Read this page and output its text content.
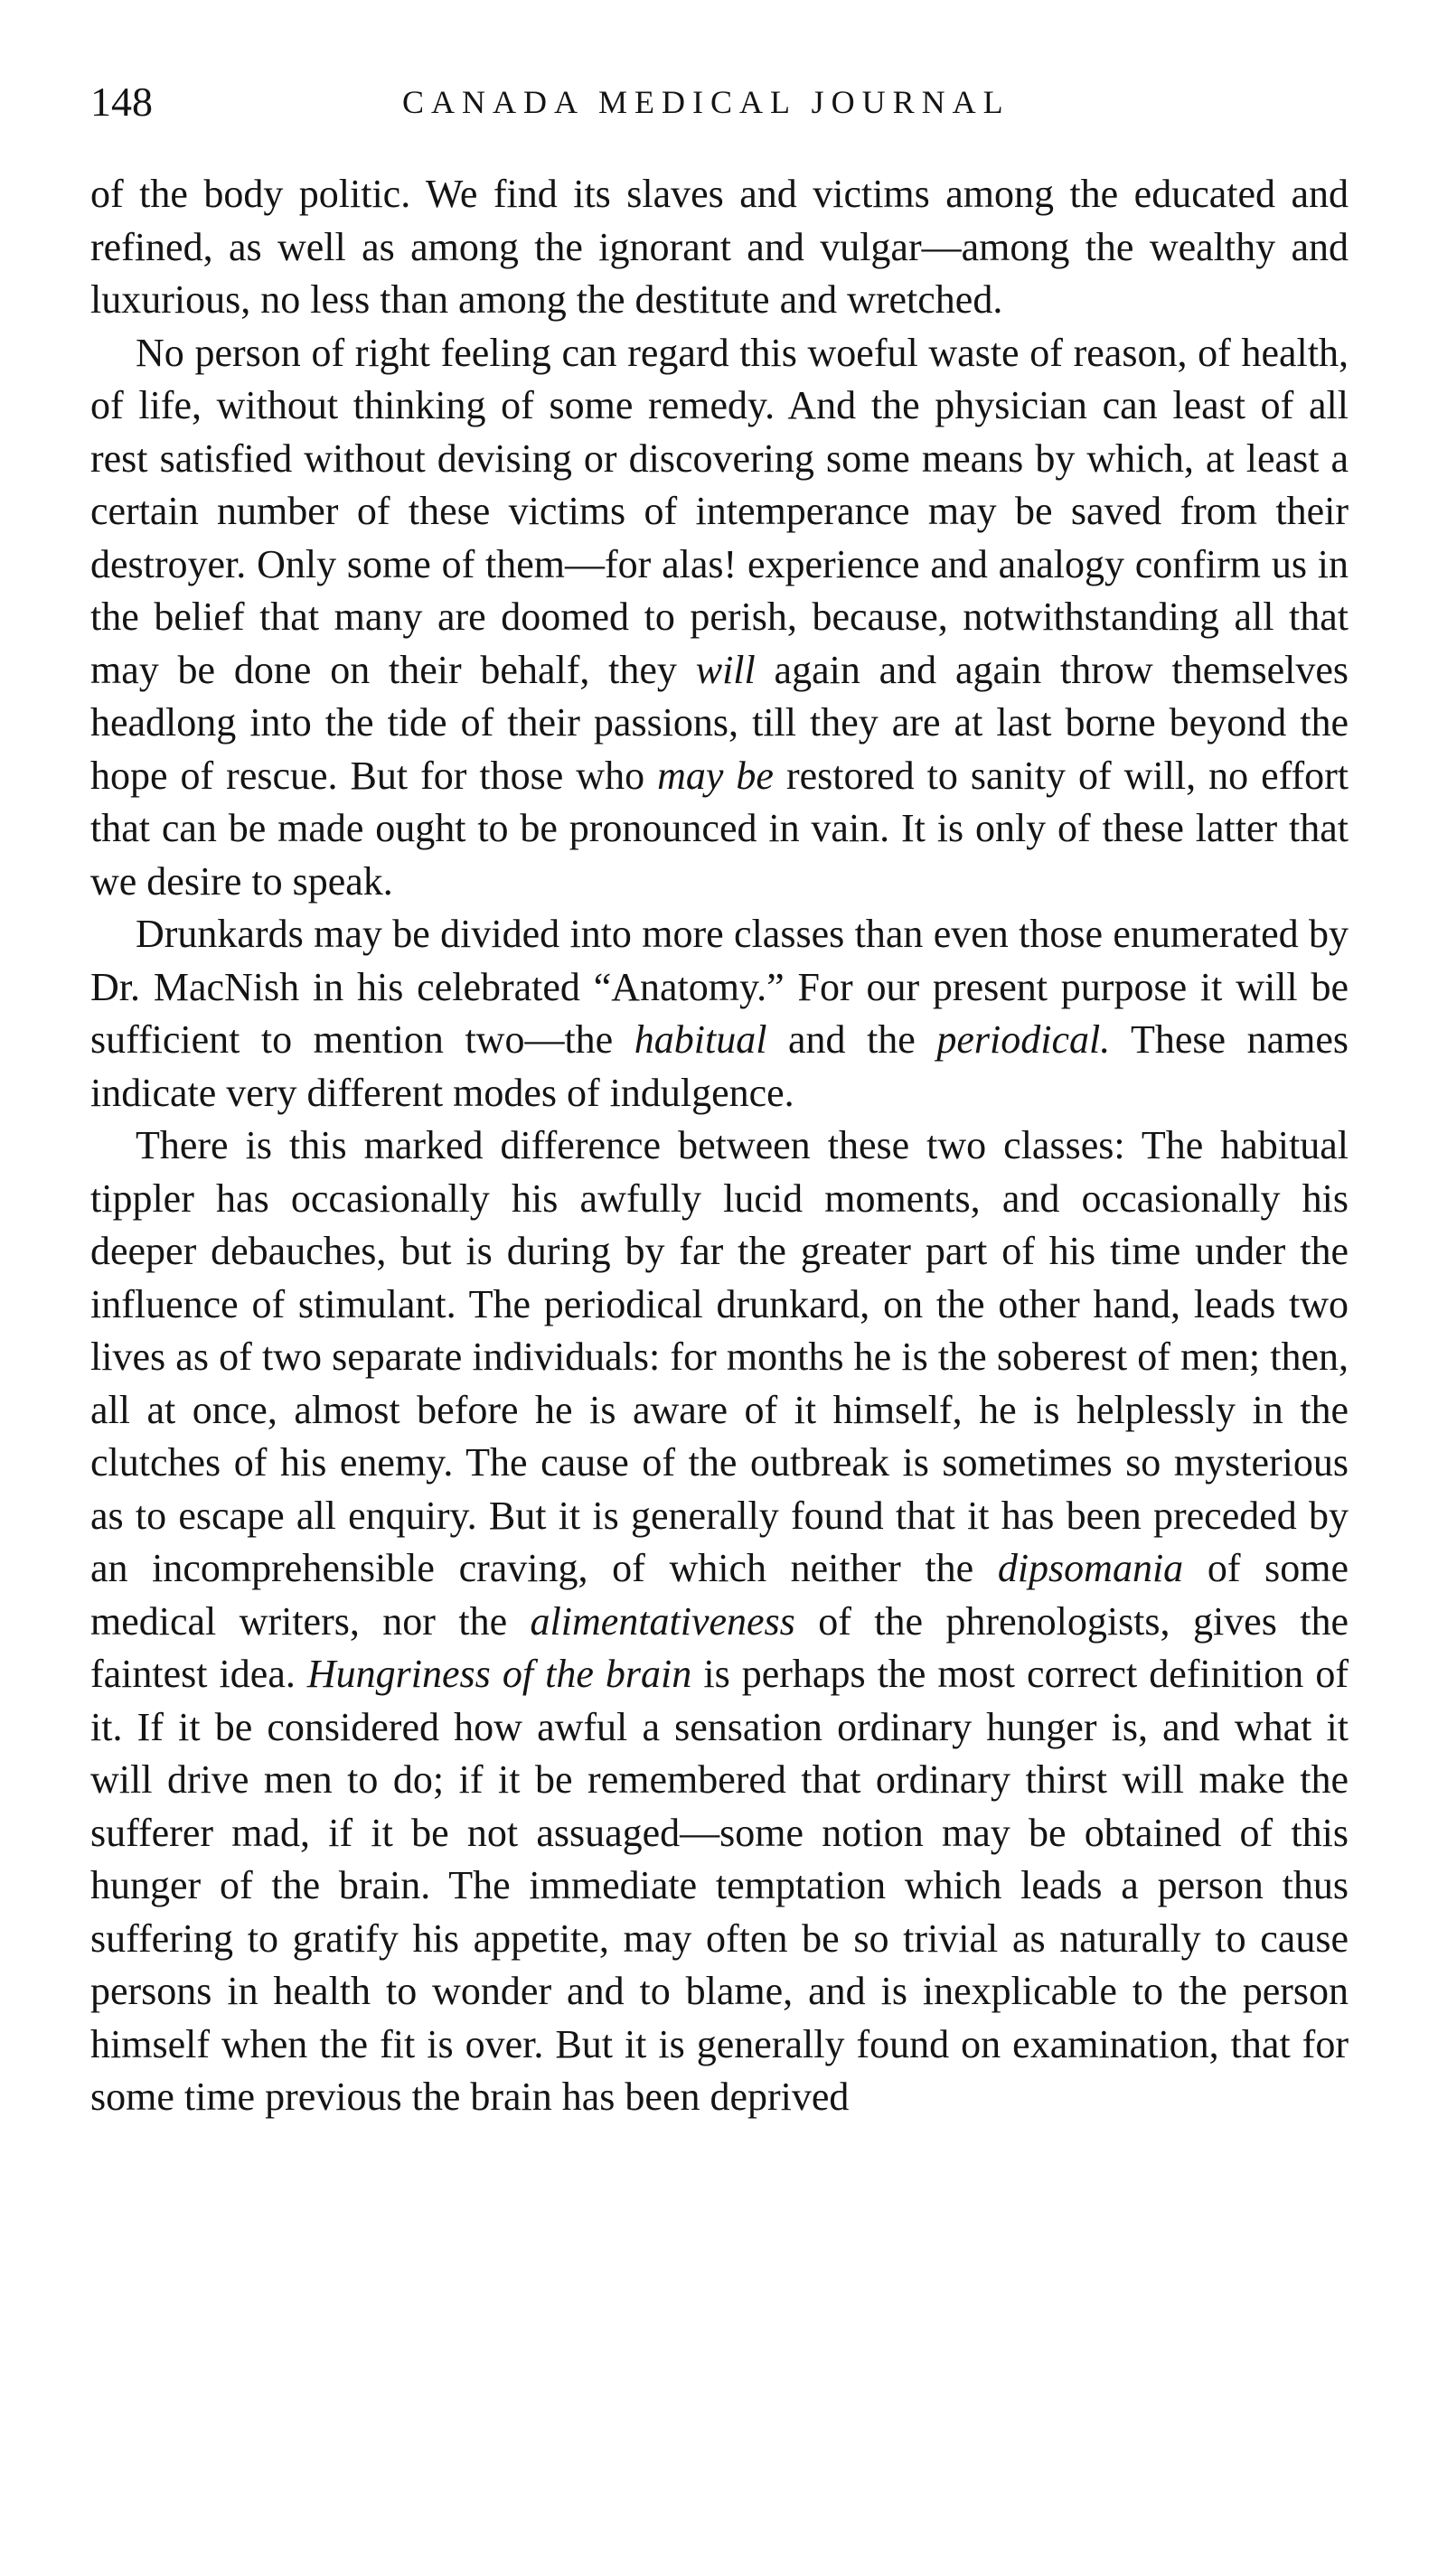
148	CANADA MEDICAL JOURNAL

of the body politic. We find its slaves and victims among the educated and refined, as well as among the ignorant and vulgar—among the wealthy and luxurious, no less than among the destitute and wretched.

No person of right feeling can regard this woeful waste of reason, of health, of life, without thinking of some remedy. And the physician can least of all rest satisfied without devising or discovering some means by which, at least a certain number of these victims of intemperance may be saved from their destroyer. Only some of them—for alas! experience and analogy confirm us in the belief that many are doomed to perish, because, notwithstanding all that may be done on their behalf, they will again and again throw themselves headlong into the tide of their passions, till they are at last borne beyond the hope of rescue. But for those who may be restored to sanity of will, no effort that can be made ought to be pronounced in vain. It is only of these latter that we desire to speak.

Drunkards may be divided into more classes than even those enumerated by Dr. MacNish in his celebrated “Anatomy.” For our present purpose it will be sufficient to mention two—the habitual and the periodical. These names indicate very different modes of indulgence.

There is this marked difference between these two classes: The habitual tippler has occasionally his awfully lucid moments, and occasionally his deeper debauches, but is during by far the greater part of his time under the influence of stimulant. The periodical drunkard, on the other hand, leads two lives as of two separate individuals: for months he is the soberest of men; then, all at once, almost before he is aware of it himself, he is helplessly in the clutches of his enemy. The cause of the outbreak is sometimes so mysterious as to escape all enquiry. But it is generally found that it has been preceded by an incomprehensible craving, of which neither the dipsomania of some medical writers, nor the alimentativeness of the phrenologists, gives the faintest idea. Hungriness of the brain is perhaps the most correct definition of it. If it be considered how awful a sensation ordinary hunger is, and what it will drive men to do; if it be remembered that ordinary thirst will make the sufferer mad, if it be not assuaged—some notion may be obtained of this hunger of the brain. The immediate temptation which leads a person thus suffering to gratify his appetite, may often be so trivial as naturally to cause persons in health to wonder and to blame, and is inexplicable to the person himself when the fit is over. But it is generally found on examination, that for some time previous the brain has been deprived
